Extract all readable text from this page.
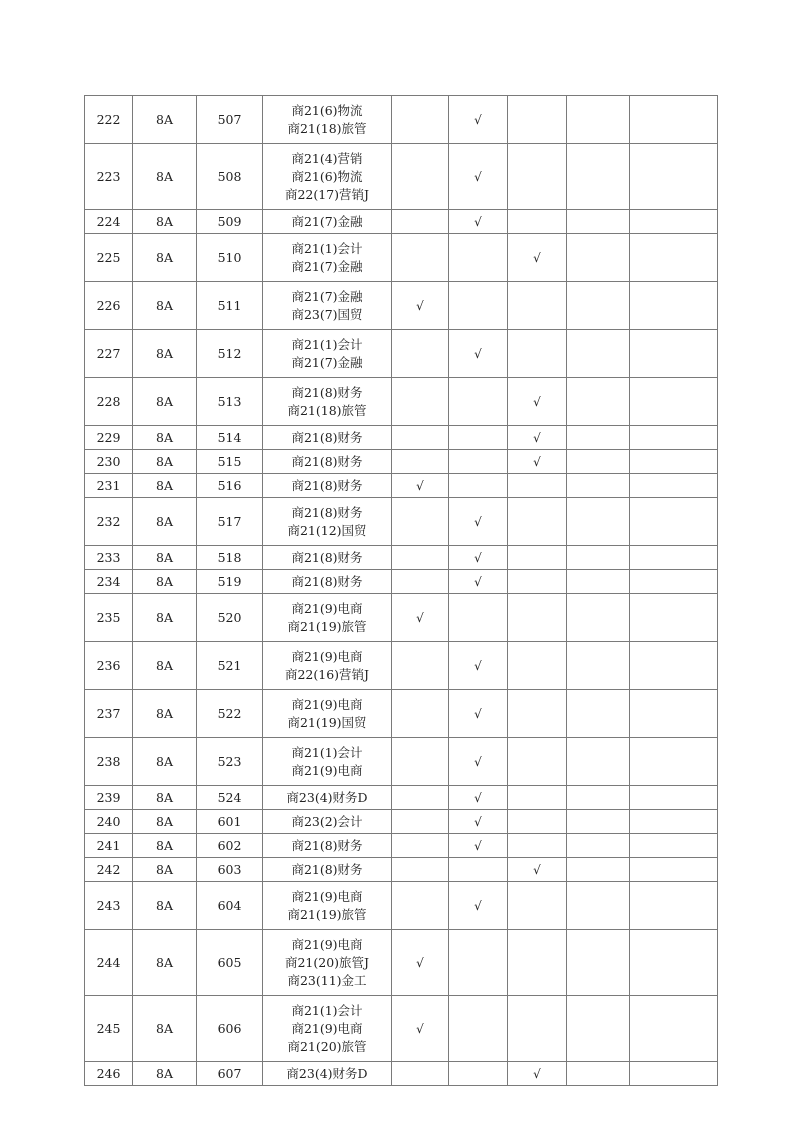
222	8A	507	商21(6)物流
商21(18)旅管		√			
223	8A	508	商21(4)营销
商21(6)物流
商22(17)营销J		√			
224	8A	509	商21(7)金融		√			
225	8A	510	商21(1)会计
商21(7)金融			√		
226	8A	511	商21(7)金融
商23(7)国贸	√				
227	8A	512	商21(1)会计
商21(7)金融		√			
228	8A	513	商21(8)财务
商21(18)旅管			√		
229	8A	514	商21(8)财务			√		
230	8A	515	商21(8)财务			√		
231	8A	516	商21(8)财务	√				
232	8A	517	商21(8)财务
商21(12)国贸		√			
233	8A	518	商21(8)财务		√			
234	8A	519	商21(8)财务		√			
235	8A	520	商21(9)电商
商21(19)旅管	√				
236	8A	521	商21(9)电商
商22(16)营销J		√			
237	8A	522	商21(9)电商
商21(19)国贸		√			
238	8A	523	商21(1)会计
商21(9)电商		√			
239	8A	524	商23(4)财务D		√			
240	8A	601	商23(2)会计		√			
241	8A	602	商21(8)财务		√			
242	8A	603	商21(8)财务			√		
243	8A	604	商21(9)电商
商21(19)旅管		√			
244	8A	605	商21(9)电商
商21(20)旅管J
商23(11)金工	√				
245	8A	606	商21(1)会计
商21(9)电商
商21(20)旅管	√				
246	8A	607	商23(4)财务D			√		
